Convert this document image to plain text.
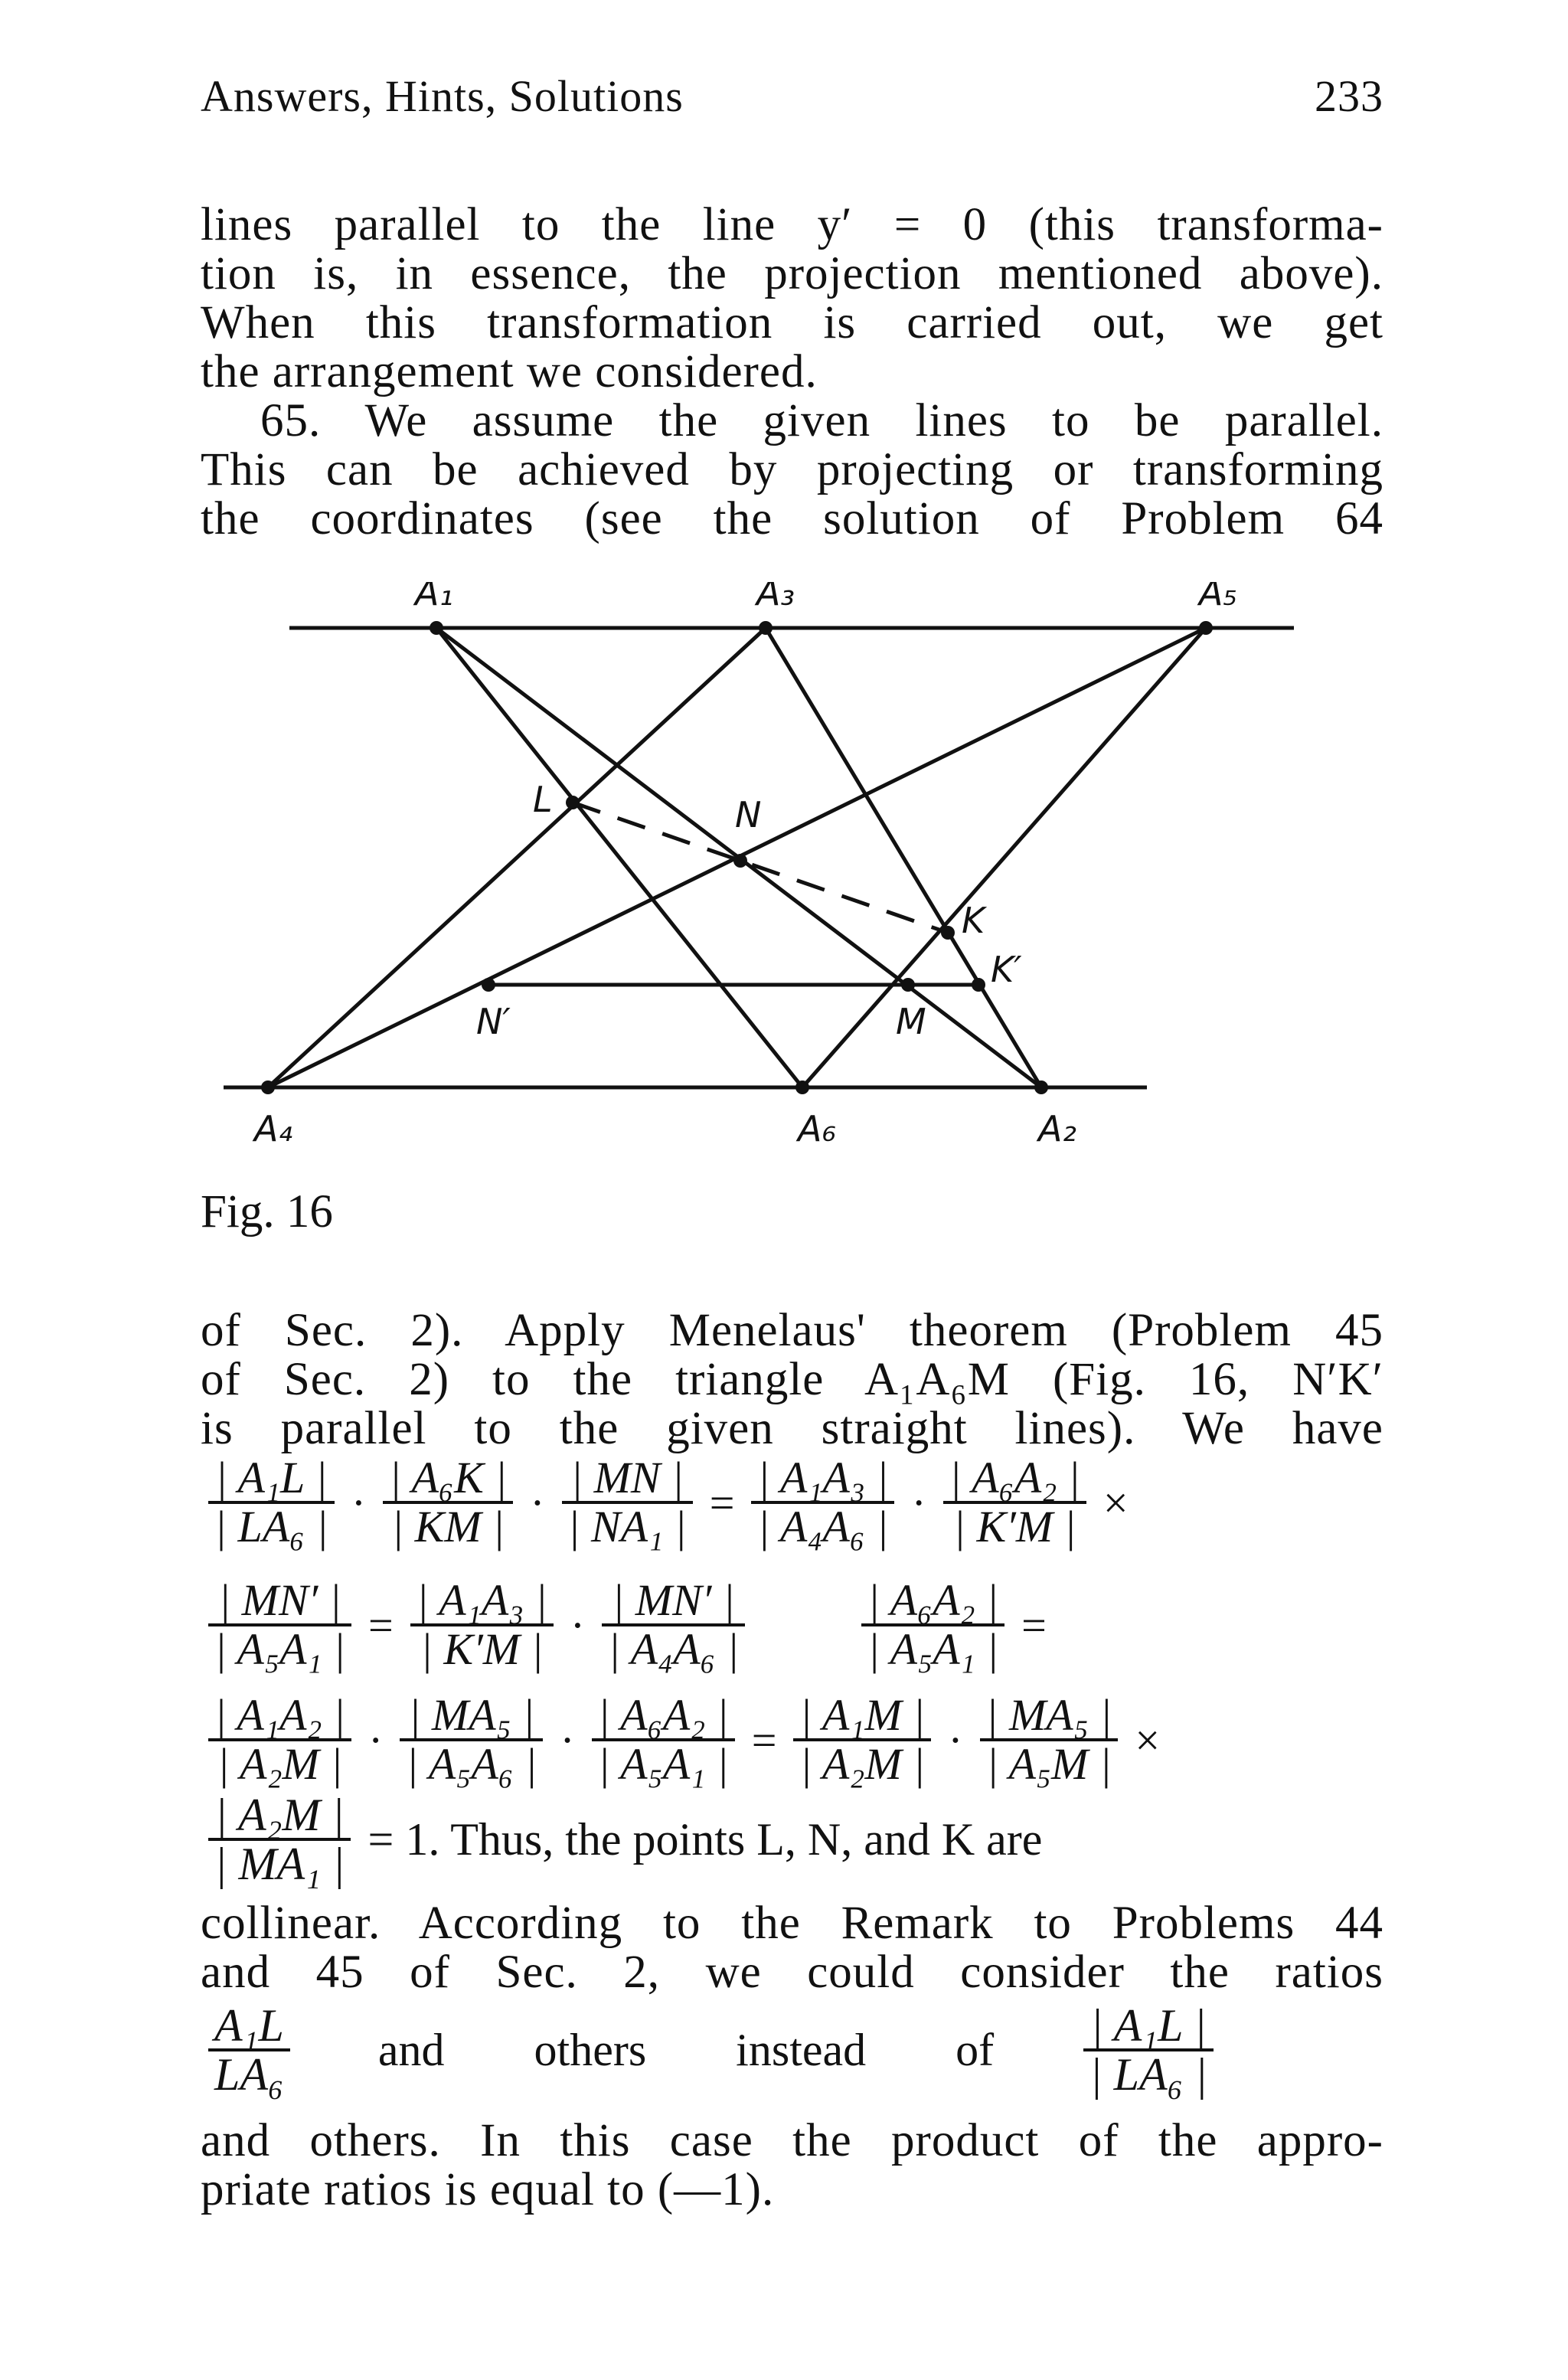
Answers, Hints, Solutions	233
lines parallel to the line y′ = 0 (this transforma-
tion is, in essence, the projection mentioned above).
When this transformation is carried out, we get
the arrangement we considered.
65. We assume the given lines to be parallel.
This can be achieved by projecting or transforming
the coordinates (see the solution of Problem 64
A₁	A₃	A₅
A₄	A₆	A₂
L	N
K
K′
N′	M
Fig. 16
of Sec. 2). Apply Menelaus' theorem (Problem 45
of Sec. 2) to the triangle A₁A₆M (Fig. 16, N′K′
is parallel to the given straight lines). We have
$\frac{\text{| A₁L |}}{\text{| LA₆ |}} \cdot \frac{\text{| A₆K |}}{| KM |} \cdot \frac{| MN |}{\text{| NA₁ |}} = \frac{\text{| A₁A₃ |}}{\text{| A₄A₆ |}} \cdot \frac{\text{| A₆A₂ |}}{| K'M |}$ ×
$\frac{| MN' |}{\text{| A₅A₁ |}} = \frac{\text{| A₁A₃ |}}{| K'M |} \cdot \frac{| MN' |}{\text{| A₄A₆ |}}$	$\frac{\text{| A₆A₂ |}}{\text{| A₅A₁ |}}$ =
$\frac{\text{| A₁A₂ |}}{\text{| A₂M |}} \cdot \frac{\text{| MA₅ |}}{\text{| A₅A₆ |}} \cdot \frac{\text{| A₆A₂ |}}{\text{| A₅A₁ |}} = \frac{\text{| A₁M |}}{\text{| A₂M |}} \cdot \frac{\text{| MA₅ |}}{\text{| A₅M |}}$ ×
$\frac{\text{| A₂M |}}{\text{| MA₁ |}} = 1$. Thus, the points L, N, and K are
collinear. According to the Remark to Problems 44
and 45 of Sec. 2, we could consider the ratios
$\frac{\text{A₁L}}{\text{LA₆}}$ and others instead of $\frac{\text{| A₁L |}}{\text{| LA₆ |}}$
and others. In this case the product of the appro-
priate ratios is equal to (—1).
